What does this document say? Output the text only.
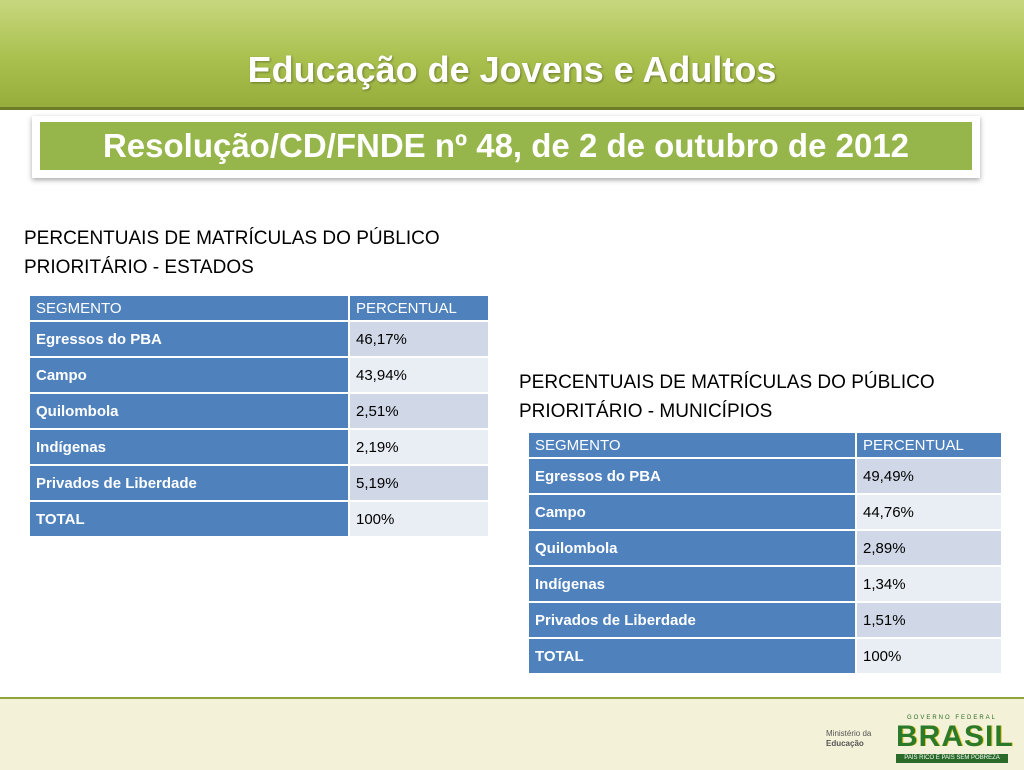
Educação de Jovens e Adultos
Resolução/CD/FNDE nº 48, de 2 de outubro de 2012
PERCENTUAIS DE MATRÍCULAS DO PÚBLICO
PRIORITÁRIO - ESTADOS
SEGMENTO	PERCENTUAL
Egressos do PBA	46,17%
Campo	43,94%
Quilombola	2,51%
Indígenas	2,19%
Privados de Liberdade	5,19%
TOTAL	100%
PERCENTUAIS DE MATRÍCULAS DO PÚBLICO
PRIORITÁRIO - MUNICÍPIOS
SEGMENTO	PERCENTUAL
Egressos do PBA	49,49%
Campo	44,76%
Quilombola	2,89%
Indígenas	1,34%
Privados de Liberdade	1,51%
TOTAL	100%
Ministério da
Educação
GOVERNO FEDERAL
BRASIL
PAÍS RICO É PAÍS SEM POBREZA
